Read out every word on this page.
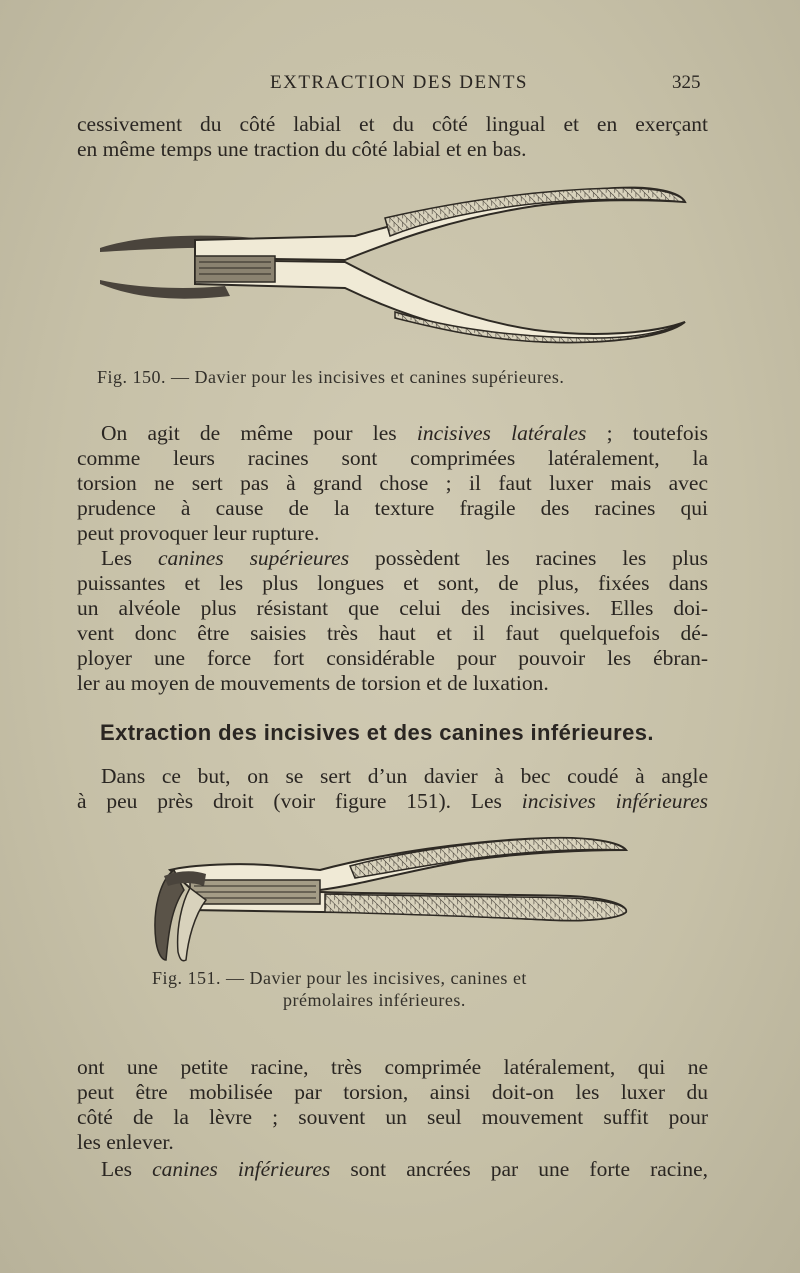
EXTRACTION DES DENTS	325

cessivement du côté labial et du côté lingual et en exerçant
en même temps une traction du côté labial et en bas.

Fig. 150. — Davier pour les incisives et canines supérieures.

On agit de même pour les incisives latérales ; toutefois
comme leurs racines sont comprimées latéralement, la
torsion ne sert pas à grand chose ; il faut luxer mais avec
prudence à cause de la texture fragile des racines qui
peut provoquer leur rupture.

Les canines supérieures possèdent les racines les plus
puissantes et les plus longues et sont, de plus, fixées dans
un alvéole plus résistant que celui des incisives. Elles doi-
vent donc être saisies très haut et il faut quelquefois dé-
ployer une force fort considérable pour pouvoir les ébran-
ler au moyen de mouvements de torsion et de luxation.

Extraction des incisives et des canines inférieures.

Dans ce but, on se sert d’un davier à bec coudé à angle
à peu près droit (voir figure 151). Les incisives inférieures

Fig. 151. — Davier pour les incisives, canines et
prémolaires inférieures.

ont une petite racine, très comprimée latéralement, qui ne
peut être mobilisée par torsion, ainsi doit-on les luxer du
côté de la lèvre ; souvent un seul mouvement suffit pour
les enlever.

Les canines inférieures sont ancrées par une forte racine,
